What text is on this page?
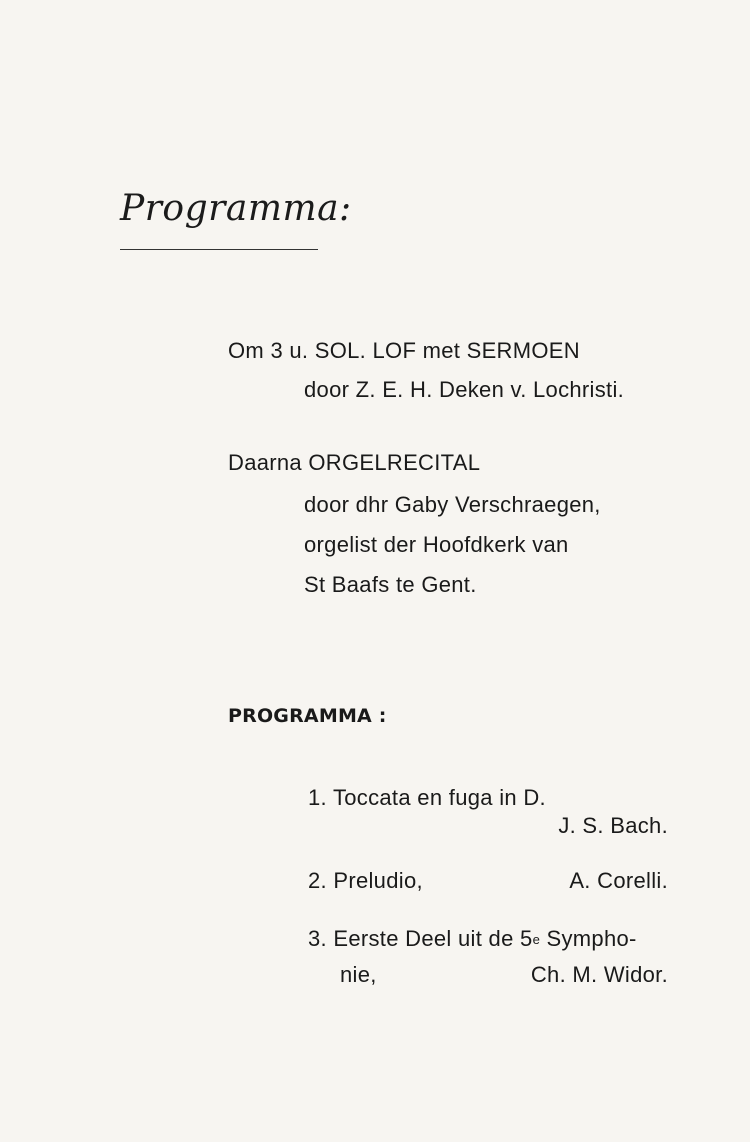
Programma:
Om 3 u. SOL. LOF met SERMOEN
door Z. E. H. Deken v. Lochristi.
Daarna ORGELRECITAL
door dhr Gaby Verschraegen,
orgelist der Hoofdkerk van
St Baafs te Gent.
PROGRAMMA :
1. Toccata en fuga in D.
J. S. Bach.
2. Preludio,	A. Corelli.
3. Eerste Deel uit de 5e Sympho-
nie,	Ch. M. Widor.
